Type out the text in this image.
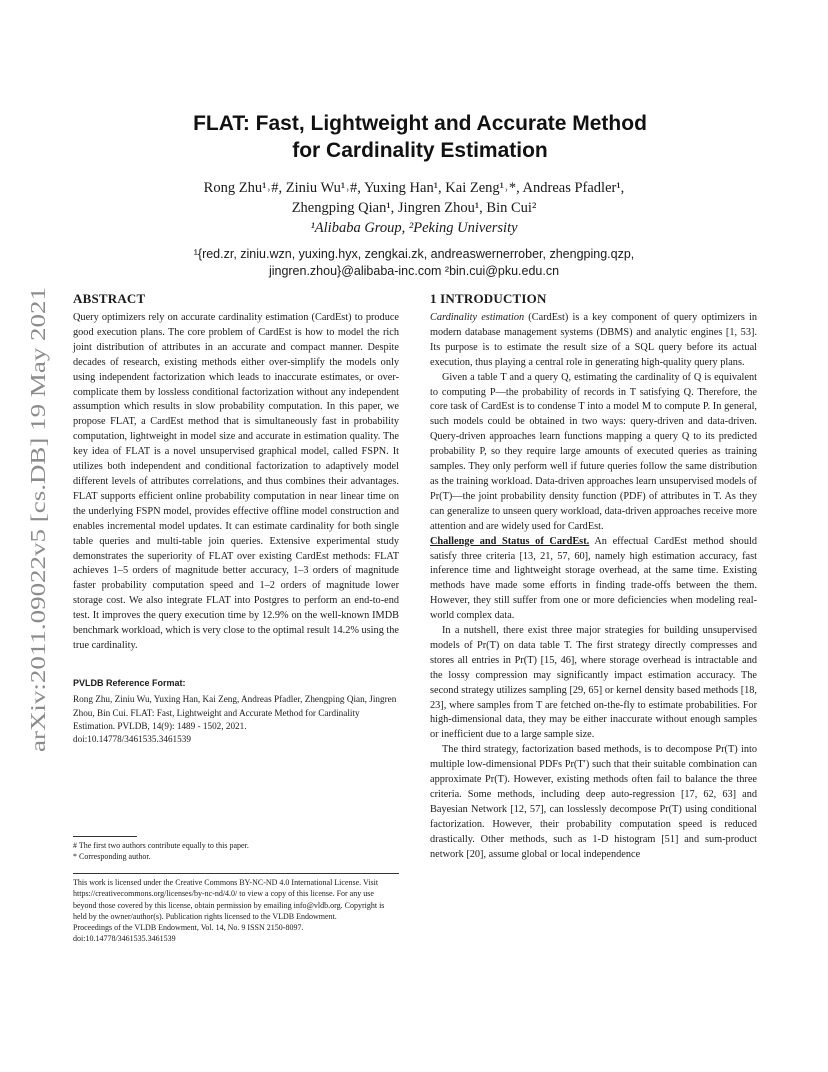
arXiv:2011.09022v5 [cs.DB] 19 May 2021
FLAT: Fast, Lightweight and Accurate Method
for Cardinality Estimation
Rong Zhu¹˒#, Ziniu Wu¹˒#, Yuxing Han¹, Kai Zeng¹˒*, Andreas Pfadler¹,
Zhengping Qian¹, Jingren Zhou¹, Bin Cui²
¹Alibaba Group, ²Peking University
¹{red.zr, ziniu.wzn, yuxing.hyx, zengkai.zk, andreaswernerrober, zhengping.qzp,
jingren.zhou}@alibaba-inc.com ²bin.cui@pku.edu.cn
ABSTRACT

Query optimizers rely on accurate cardinality estimation (CardEst) to produce good execution plans. The core problem of CardEst is how to model the rich joint distribution of attributes in an accurate and compact manner. Despite decades of research, existing methods either over-simplify the models only using independent factorization which leads to inaccurate estimates, or over-complicate them by lossless conditional factorization without any independent assumption which results in slow probability computation. In this paper, we propose FLAT, a CardEst method that is simultaneously fast in probability computation, lightweight in model size and accurate in estimation quality. The key idea of FLAT is a novel unsupervised graphical model, called FSPN. It utilizes both independent and conditional factorization to adaptively model different levels of attributes correlations, and thus combines their advantages. FLAT supports efficient online probability computation in near linear time on the underlying FSPN model, provides effective offline model construction and enables incremental model updates. It can estimate cardinality for both single table queries and multi-table join queries. Extensive experimental study demonstrates the superiority of FLAT over existing CardEst methods: FLAT achieves 1–5 orders of magnitude better accuracy, 1–3 orders of magnitude faster probability computation speed and 1–2 orders of magnitude lower storage cost. We also integrate FLAT into Postgres to perform an end-to-end test. It improves the query execution time by 12.9% on the well-known IMDB benchmark workload, which is very close to the optimal result 14.2% using the true cardinality.

PVLDB Reference Format:
Rong Zhu, Ziniu Wu, Yuxing Han, Kai Zeng, Andreas Pfadler, Zhengping Qian, Jingren Zhou, Bin Cui. FLAT: Fast, Lightweight and Accurate Method for Cardinality Estimation. PVLDB, 14(9): 1489 - 1502, 2021.
doi:10.14778/3461535.3461539
# The first two authors contribute equally to this paper.
* Corresponding author.
This work is licensed under the Creative Commons BY-NC-ND 4.0 International License. Visit https://creativecommons.org/licenses/by-nc-nd/4.0/ to view a copy of this license. For any use beyond those covered by this license, obtain permission by emailing info@vldb.org. Copyright is held by the owner/author(s). Publication rights licensed to the VLDB Endowment.
Proceedings of the VLDB Endowment, Vol. 14, No. 9 ISSN 2150-8097.
doi:10.14778/3461535.3461539
1 INTRODUCTION

Cardinality estimation (CardEst) is a key component of query optimizers in modern database management systems (DBMS) and analytic engines [1, 53]. Its purpose is to estimate the result size of a SQL query before its actual execution, thus playing a central role in generating high-quality query plans.

Given a table T and a query Q, estimating the cardinality of Q is equivalent to computing P—the probability of records in T satisfying Q. Therefore, the core task of CardEst is to condense T into a model M to compute P. In general, such models could be obtained in two ways: query-driven and data-driven. Query-driven approaches learn functions mapping a query Q to its predicted probability P, so they require large amounts of executed queries as training samples. They only perform well if future queries follow the same distribution as the training workload. Data-driven approaches learn unsupervised models of Pr(T)—the joint probability density function (PDF) of attributes in T. As they can generalize to unseen query workload, data-driven approaches receive more attention and are widely used for CardEst.

Challenge and Status of CardEst. An effectual CardEst method should satisfy three criteria [13, 21, 57, 60], namely high estimation accuracy, fast inference time and lightweight storage overhead, at the same time. Existing methods have made some efforts in finding trade-offs between the them. However, they still suffer from one or more deficiencies when modeling real-world complex data.

In a nutshell, there exist three major strategies for building unsupervised models of Pr(T) on data table T. The first strategy directly compresses and stores all entries in Pr(T) [15, 46], where storage overhead is intractable and the lossy compression may significantly impact estimation accuracy. The second strategy utilizes sampling [29, 65] or kernel density based methods [18, 23], where samples from T are fetched on-the-fly to estimate probabilities. For high-dimensional data, they may be either inaccurate without enough samples or inefficient due to a large sample size.

The third strategy, factorization based methods, is to decompose Pr(T) into multiple low-dimensional PDFs Pr(T′) such that their suitable combination can approximate Pr(T). However, existing methods often fail to balance the three criteria. Some methods, including deep auto-regression [17, 62, 63] and Bayesian Network [12, 57], can losslessly decompose Pr(T) using conditional factorization. However, their probability computation speed is reduced drastically. Other methods, such as 1-D histogram [51] and sum-product network [20], assume global or local independence
